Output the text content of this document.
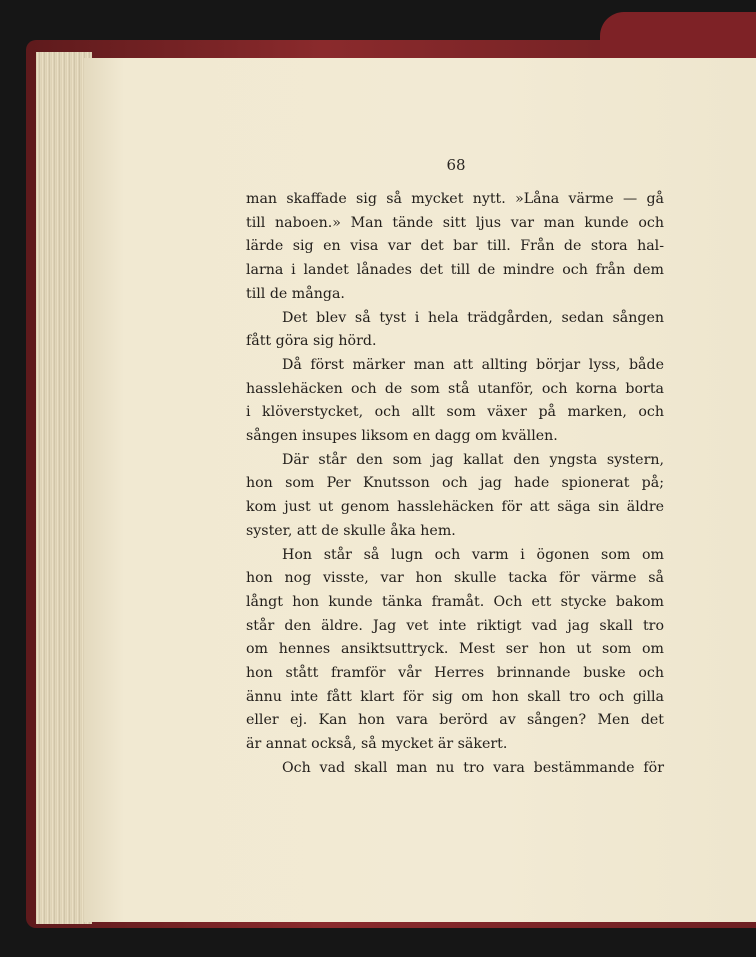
68
man skaffade sig så mycket nytt. »Låna värme — gå
till naboen.» Man tände sitt ljus var man kunde och
lärde sig en visa var det bar till. Från de stora hal-
larna i landet lånades det till de mindre och från dem
till de många.
Det blev så tyst i hela trädgården, sedan sången
fått göra sig hörd.
Då först märker man att allting börjar lyss, både
hasslehäcken och de som stå utanför, och korna borta
i klöverstycket, och allt som växer på marken, och
sången insupes liksom en dagg om kvällen.
Där står den som jag kallat den yngsta systern,
hon som Per Knutsson och jag hade spionerat på;
kom just ut genom hasslehäcken för att säga sin äldre
syster, att de skulle åka hem.
Hon står så lugn och varm i ögonen som om
hon nog visste, var hon skulle tacka för värme så
långt hon kunde tänka framåt. Och ett stycke bakom
står den äldre. Jag vet inte riktigt vad jag skall tro
om hennes ansiktsuttryck. Mest ser hon ut som om
hon stått framför vår Herres brinnande buske och
ännu inte fått klart för sig om hon skall tro och gilla
eller ej. Kan hon vara berörd av sången? Men det
är annat också, så mycket är säkert.
Och vad skall man nu tro vara bestämmande för
